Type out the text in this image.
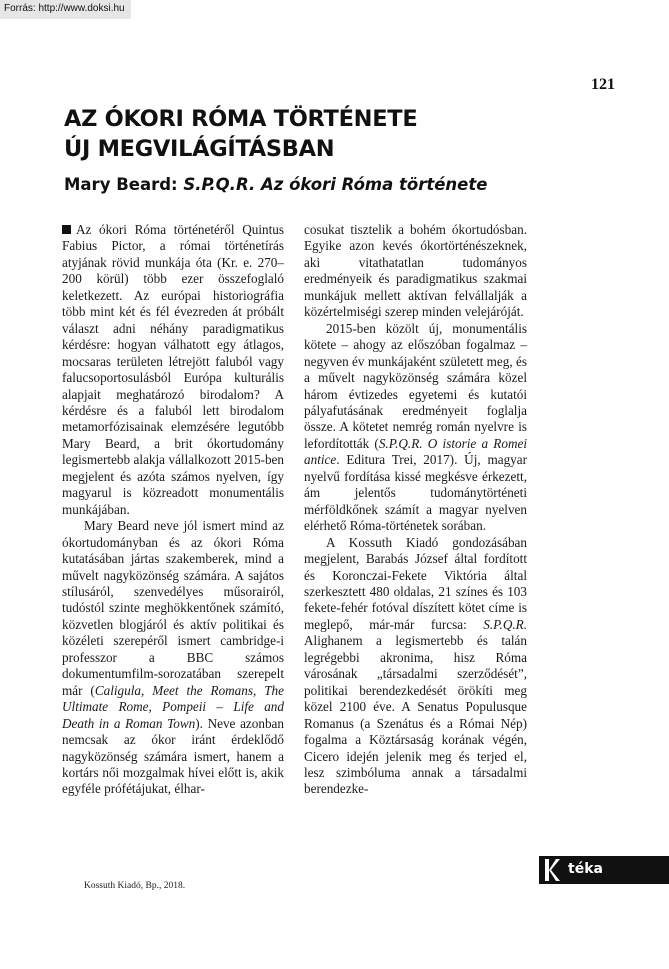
Forrás: http://www.doksi.hu
121
AZ ÓKORI RÓMA TÖRTÉNETE
ÚJ MEGVILÁGÍTÁSBAN
Mary Beard: S.P.Q.R. Az ókori Róma története

Az ókori Róma történetéről Quintus Fabius Pictor, a római történetírás atyjának rövid munkája óta (Kr. e. 270–200 körül) több ezer összefoglaló keletkezett. Az európai historiográfia több mint két és fél évezreden át próbált választ adni néhány paradigmatikus kérdésre: hogyan válhatott egy átlagos, mocsaras területen létrejött faluból vagy falucsoportosulásból Európa kulturális alapjait meghatározó birodalom? A kérdésre és a faluból lett birodalom metamorfózisainak elemzésére legutóbb Mary Beard, a brit ókortudomány legismertebb alakja vállalkozott 2015-ben megjelent és azóta számos nyelven, így magyarul is közreadott monumentális munkájában.

Mary Beard neve jól ismert mind az ókortudományban és az ókori Róma kutatásában jártas szakemberek, mind a művelt nagyközönség számára. A sajátos stílusáról, szenvedélyes műsorairól, tudóstól szinte meghökkentőnek számító, közvetlen blogjáról és aktív politikai és közéleti szerepéről ismert cambridge-i professzor a BBC számos dokumentumfilm-sorozatában szerepelt már (Caligula, Meet the Romans, The Ultimate Rome, Pompeii – Life and Death in a Roman Town). Neve azonban nemcsak az ókor iránt érdeklődő nagyközönség számára ismert, hanem a kortárs női mozgalmak hívei előtt is, akik egyféle prófétájukat, élhar-

cosukat tisztelik a bohém ókortudósban. Egyike azon kevés ókortörténészeknek, aki vitathatatlan tudományos eredményeik és paradigmatikus szakmai munkájuk mellett aktívan felvállalják a közértelmiségi szerep minden velejáróját.

2015-ben közölt új, monumentális kötete – ahogy az előszóban fogalmaz – negyven év munkájaként született meg, és a művelt nagyközönség számára közel három évtizedes egyetemi és kutatói pályafutásának eredményeit foglalja össze. A kötetet nemrég román nyelvre is lefordították (S.P.Q.R. O istorie a Romei antice. Editura Trei, 2017). Új, magyar nyelvű fordítása kissé megkésve érkezett, ám jelentős tudománytörténeti mérföldkőnek számít a magyar nyelven elérhető Róma-történetek sorában.

A Kossuth Kiadó gondozásában megjelent, Barabás József által fordított és Koronczai-Fekete Viktória által szerkesztett 480 oldalas, 21 színes és 103 fekete-fehér fotóval díszített kötet címe is meglepő, már-már furcsa: S.P.Q.R. Alighanem a legismertebb és talán legrégebbi akronima, hisz Róma városának „társadalmi szerződését”, politikai berendezkedését örökíti meg közel 2100 éve. A Senatus Populusque Romanus (a Szenátus és a Római Nép) fogalma a Köztársaság korának végén, Cicero idején jelenik meg és terjed el, lesz szimbóluma annak a társadalmi berendezke-

Kossuth Kiadó, Bp., 2018.
téka
